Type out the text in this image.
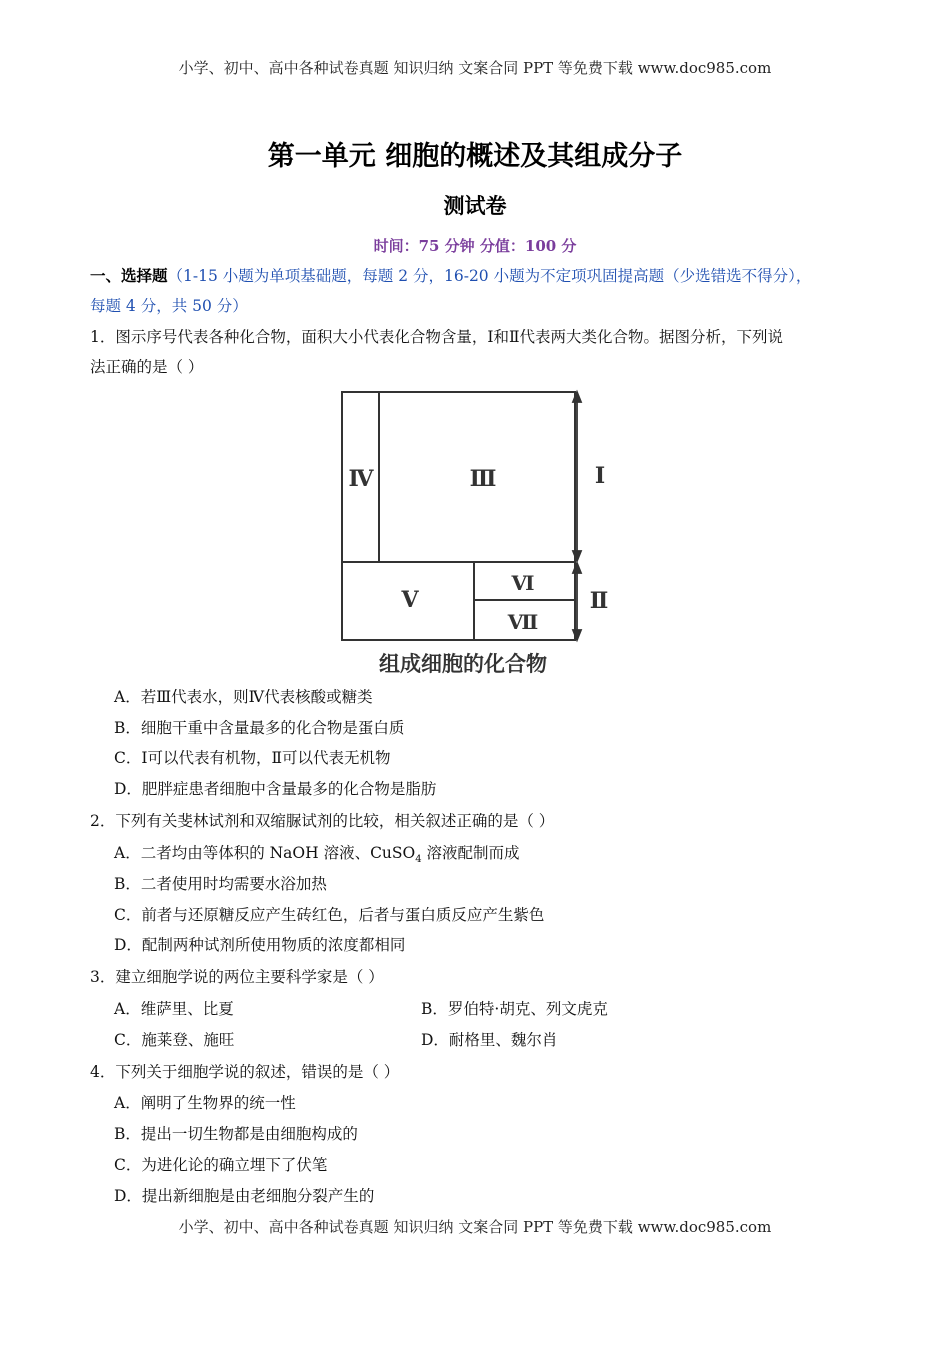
小学、初中、高中各种试卷真题 知识归纳 文案合同 PPT 等免费下载 www.doc985.com
第一单元 细胞的概述及其组成分子
测试卷
时间：75 分钟 分值：100 分
一、选择题（1-15 小题为单项基础题，每题 2 分，16-20 小题为不定项巩固提高题（少选错选不得分），
每题 4 分，共 50 分）
1．图示序号代表各种化合物，面积大小代表化合物含量，Ⅰ和Ⅱ代表两大类化合物。据图分析，下列说
法正确的是（ ）
Ⅳ	Ⅲ	Ⅰ
Ⅴ
Ⅵ
Ⅶ
Ⅱ
组成细胞的化合物
A．若Ⅲ代表水，则Ⅳ代表核酸或糖类
B．细胞干重中含量最多的化合物是蛋白质
C．Ⅰ可以代表有机物，Ⅱ可以代表无机物
D．肥胖症患者细胞中含量最多的化合物是脂肪
2．下列有关斐林试剂和双缩脲试剂的比较，相关叙述正确的是（ ）
A．二者均由等体积的 NaOH 溶液、CuSO$_4$ 溶液配制而成
B．二者使用时均需要水浴加热
C．前者与还原糖反应产生砖红色，后者与蛋白质反应产生紫色
D．配制两种试剂所使用物质的浓度都相同
3．建立细胞学说的两位主要科学家是（ ）
A．维萨里、比夏	B．罗伯特·胡克、列文虎克
C．施莱登、施旺	D．耐格里、魏尔肖
4．下列关于细胞学说的叙述，错误的是（ ）
A．阐明了生物界的统一性
B．提出一切生物都是由细胞构成的
C．为进化论的确立埋下了伏笔
D．提出新细胞是由老细胞分裂产生的
小学、初中、高中各种试卷真题 知识归纳 文案合同 PPT 等免费下载 www.doc985.com
